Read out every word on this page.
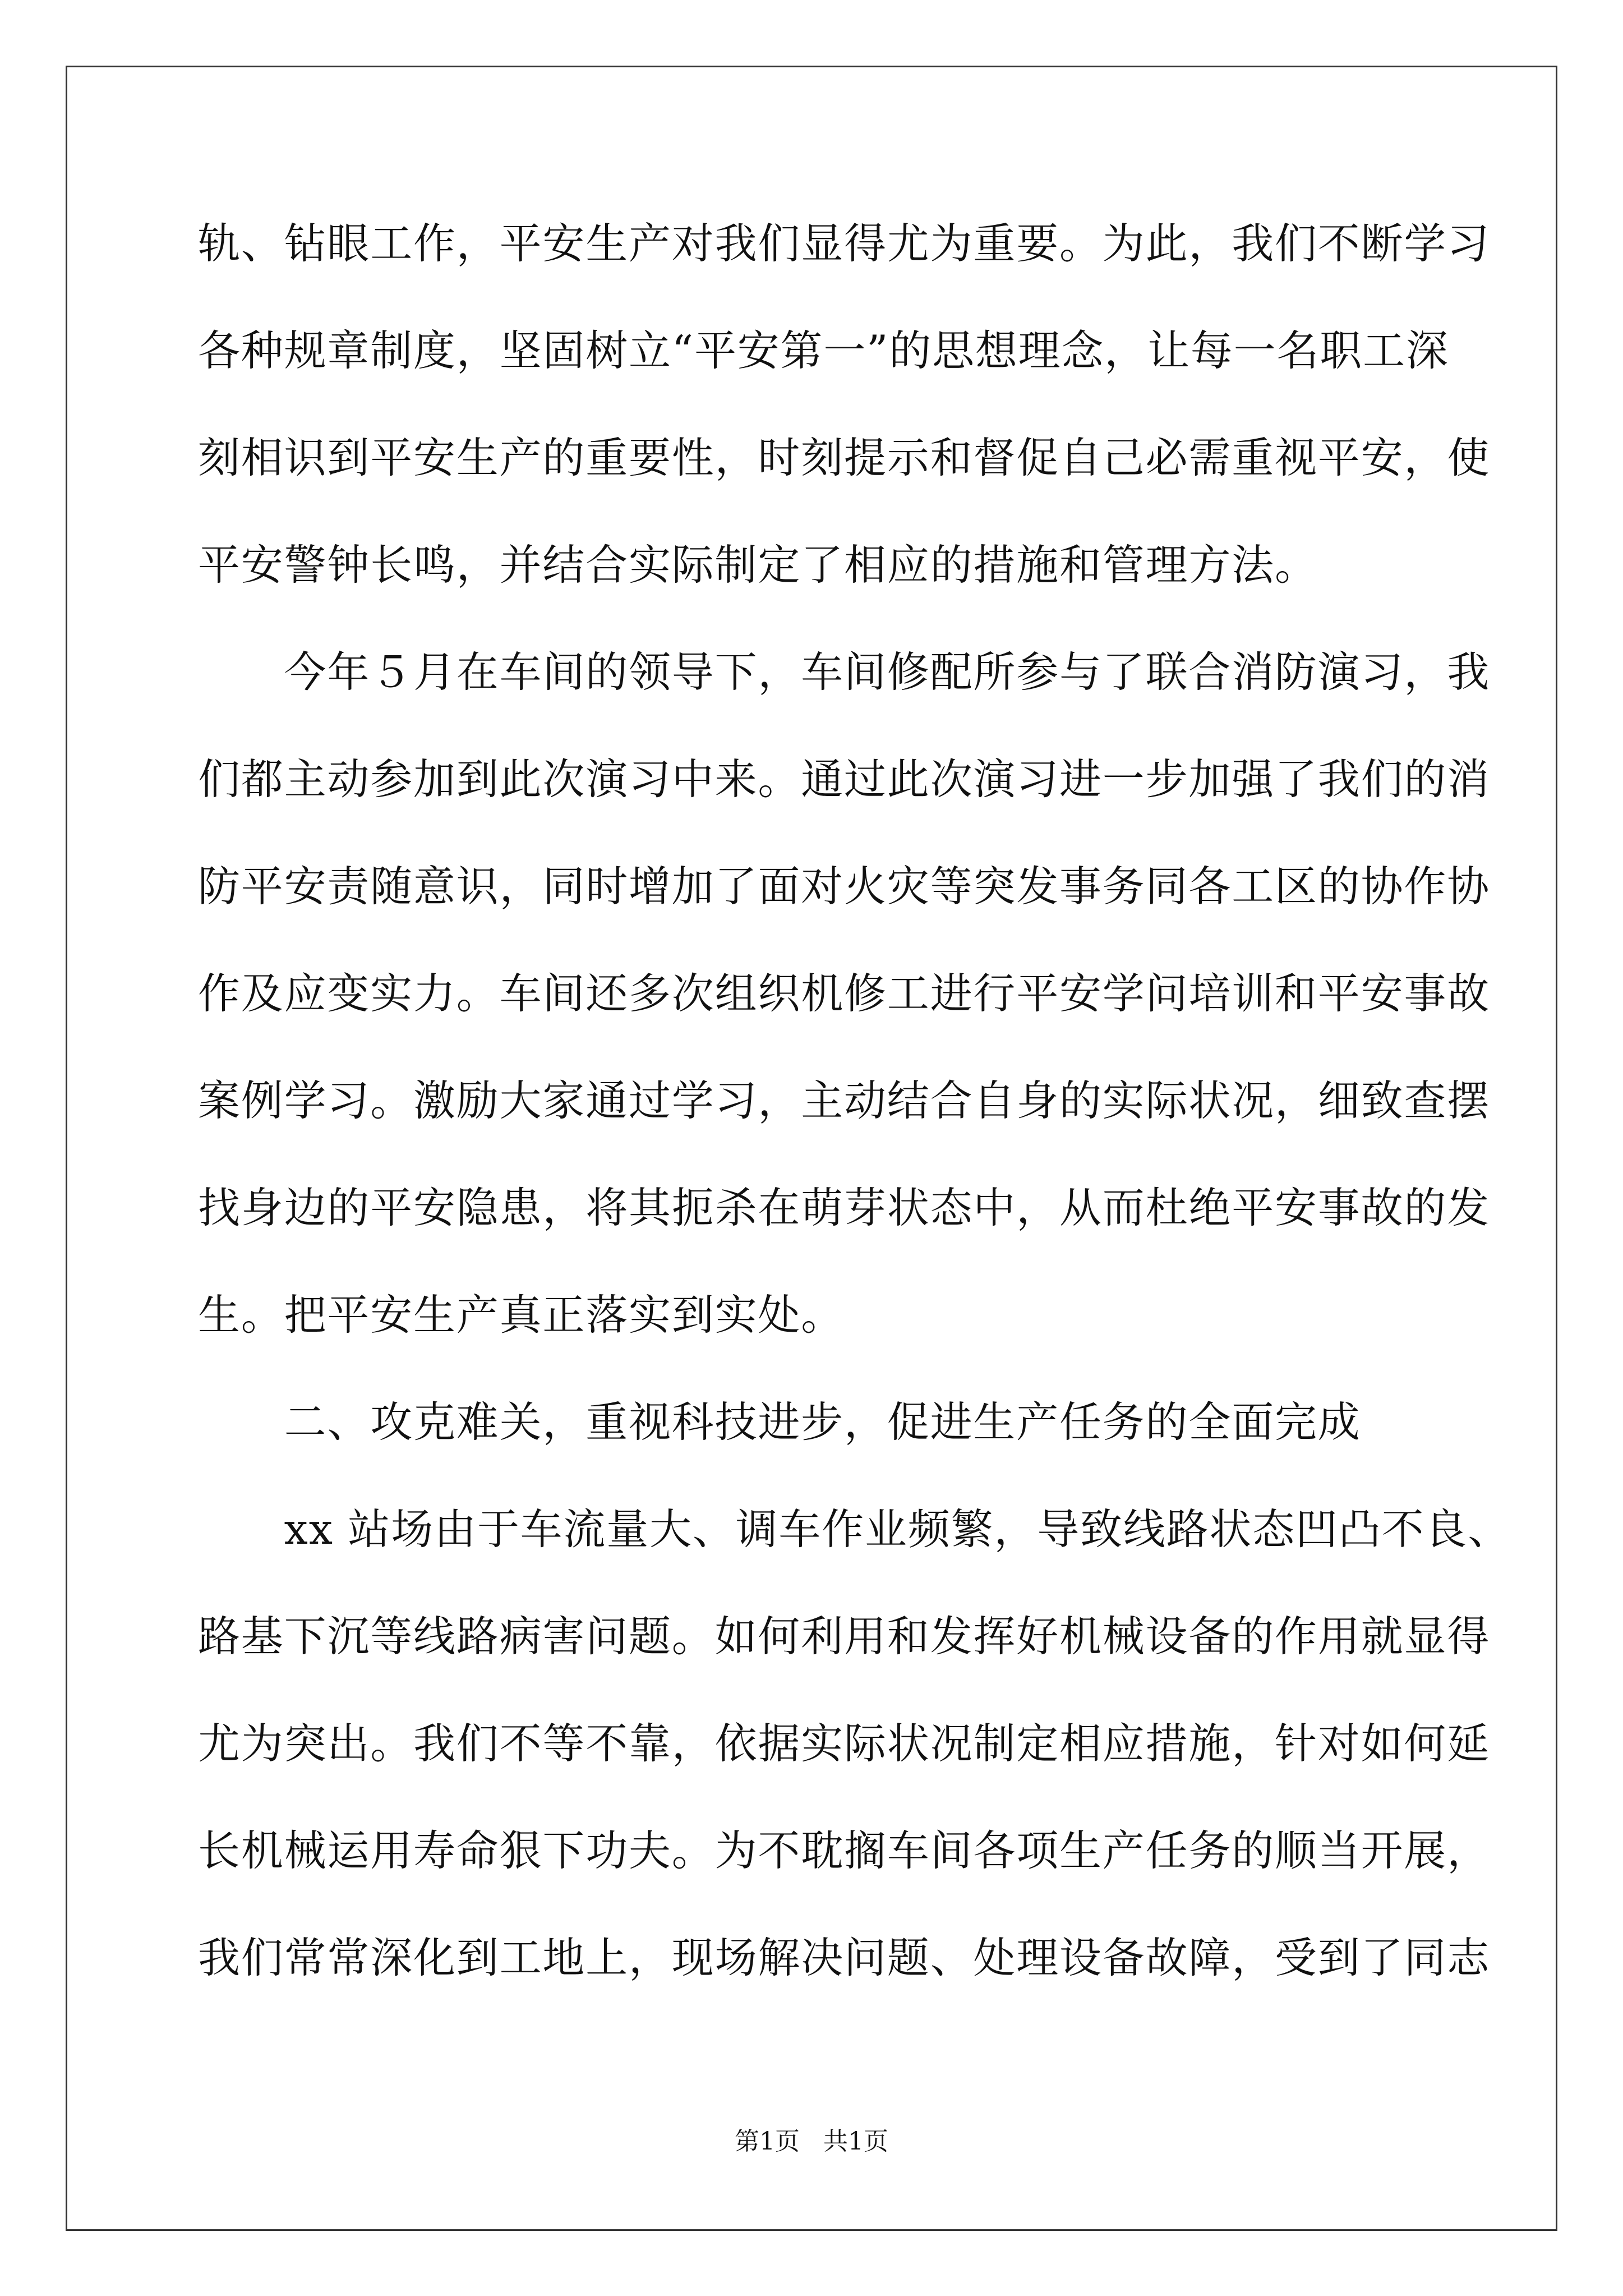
轨、钻眼工作，平安生产对我们显得尤为重要。为此，我们不断学习
各种规章制度，坚固树立“平安第一”的思想理念，让每一名职工深
刻相识到平安生产的重要性，时刻提示和督促自己必需重视平安，使
平安警钟长鸣，并结合实际制定了相应的措施和管理方法。
　　今年５月在车间的领导下，车间修配所参与了联合消防演习，我
们都主动参加到此次演习中来。通过此次演习进一步加强了我们的消
防平安责随意识，同时增加了面对火灾等突发事务同各工区的协作协
作及应变实力。车间还多次组织机修工进行平安学问培训和平安事故
案例学习。激励大家通过学习，主动结合自身的实际状况，细致查摆
找身边的平安隐患，将其扼杀在萌芽状态中，从而杜绝平安事故的发
生。把平安生产真正落实到实处。
　　二、攻克难关，重视科技进步，促进生产任务的全面完成
　　xx 站场由于车流量大、调车作业频繁，导致线路状态凹凸不良、
路基下沉等线路病害问题。如何利用和发挥好机械设备的作用就显得
尤为突出。我们不等不靠，依据实际状况制定相应措施，针对如何延
长机械运用寿命狠下功夫。为不耽搁车间各项生产任务的顺当开展，
我们常常深化到工地上，现场解决问题、处理设备故障，受到了同志
第1页   共1页
